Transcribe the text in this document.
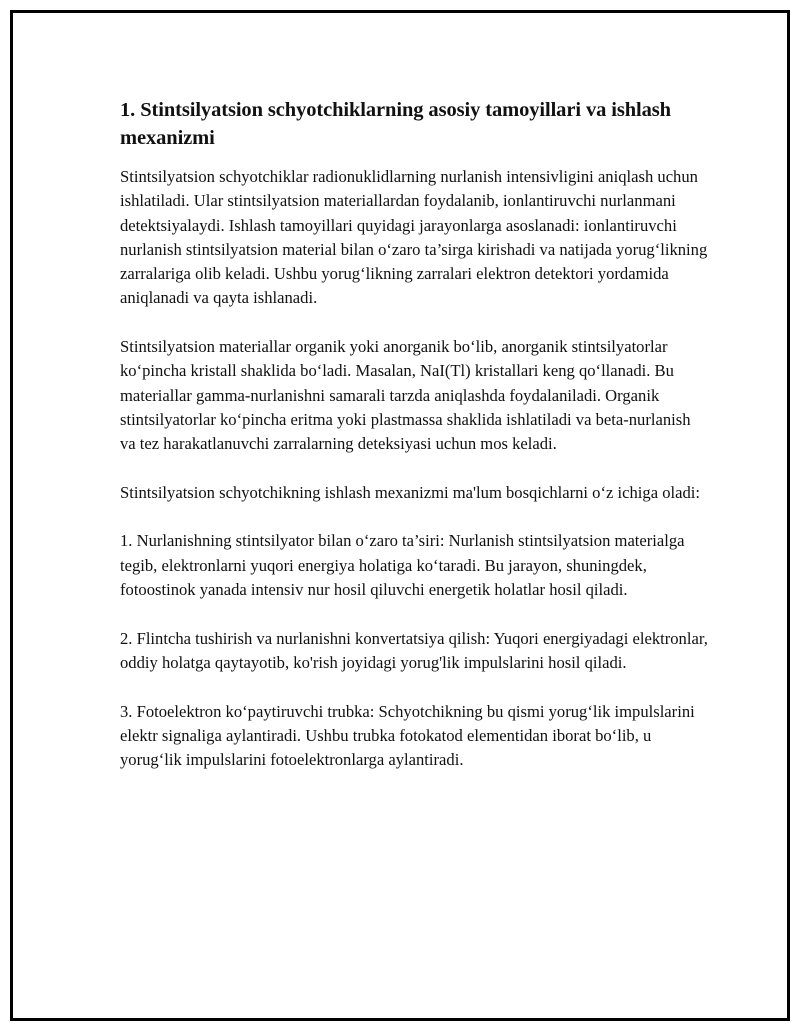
1. Stintsilyatsion schyotchiklarning asosiy tamoyillari va ishlash mexanizmi

Stintsilyatsion schyotchiklar radionuklidlarning nurlanish intensivligini aniqlash uchun ishlatiladi. Ular stintsilyatsion materiallardan foydalanib, ionlantiruvchi nurlanmani detektsiyalaydi. Ishlash tamoyillari quyidagi jarayonlarga asoslanadi: ionlantiruvchi nurlanish stintsilyatsion material bilan o‘zaro ta’sirga kirishadi va natijada yorug‘likning zarralariga olib keladi. Ushbu yorug‘likning zarralari elektron detektori yordamida aniqlanadi va qayta ishlanadi.

Stintsilyatsion materiallar organik yoki anorganik bo‘lib, anorganik stintsilyatorlar ko‘pincha kristall shaklida bo‘ladi. Masalan, NaI(Tl) kristallari keng qo‘llanadi. Bu materiallar gamma-nurlanishni samarali tarzda aniqlashda foydalaniladi. Organik stintsilyatorlar ko‘pincha eritma yoki plastmassa shaklida ishlatiladi va beta-nurlanish va tez harakatlanuvchi zarralarning deteksiyasi uchun mos keladi.

Stintsilyatsion schyotchikning ishlash mexanizmi ma'lum bosqichlarni o‘z ichiga oladi:

1. Nurlanishning stintsilyator bilan o‘zaro ta’siri: Nurlanish stintsilyatsion materialga tegib, elektronlarni yuqori energiya holatiga ko‘taradi. Bu jarayon, shuningdek, fotoostinok yanada intensiv nur hosil qiluvchi energetik holatlar hosil qiladi.

2. Flintcha tushirish va nurlanishni konvertatsiya qilish: Yuqori energiyadagi elektronlar, oddiy holatga qaytayotib, ko'rish joyidagi yorug'lik impulslarini hosil qiladi.

3. Fotoelektron ko‘paytiruvchi trubka: Schyotchikning bu qismi yorug‘lik impulslarini elektr signaliga aylantiradi. Ushbu trubka fotokatod elementidan iborat bo‘lib, u yorug‘lik impulslarini fotoelektronlarga aylantiradi.
